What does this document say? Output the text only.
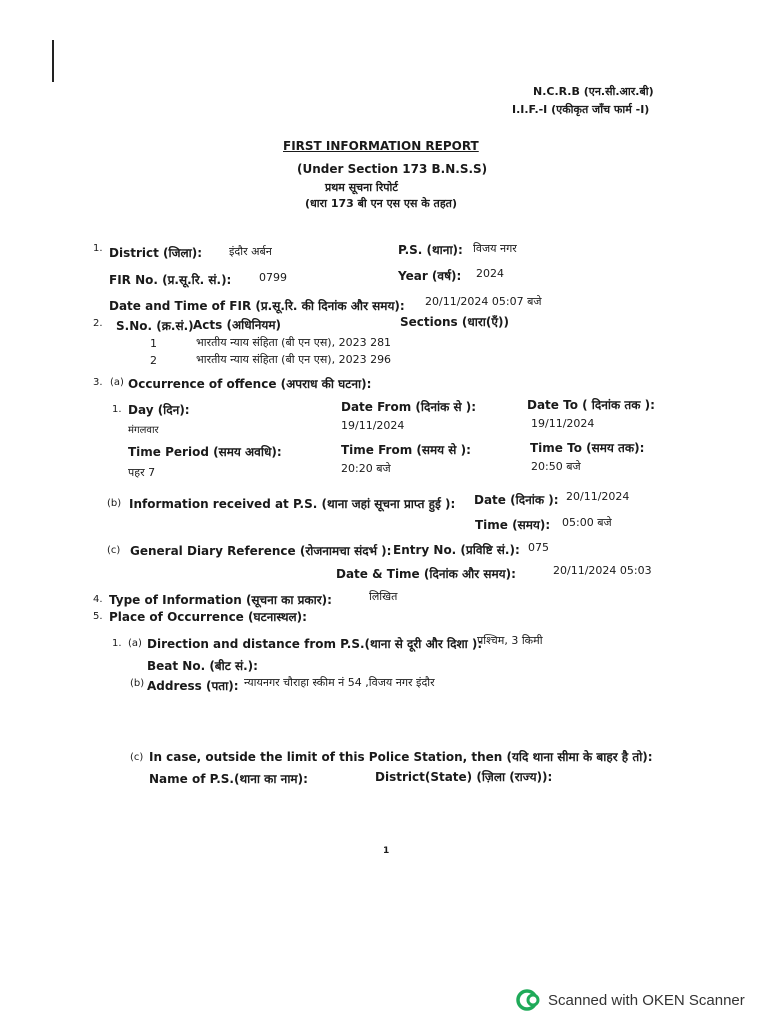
N.C.R.B (एन.सी.आर.बी)
I.I.F.-I (एकीकृत जाँच फार्म -I)
FIRST INFORMATION REPORT
(Under Section 173 B.N.S.S)
प्रथम सूचना रिपोर्ट
(धारा 173 बी एन एस एस के तहत)
1. District (जिला): इंदौर अर्बन	P.S. (थाना): विजय नगर
FIR No. (प्र.सू.रि. सं.):	0799	Year (वर्ष): 2024
Date and Time of FIR (प्र.सू.रि. की दिनांक और समय): 20/11/2024 05:07 बजे
2. S.No. (क्र.सं.) Acts (अधिनियम)	Sections (धारा(एँ))
1	भारतीय न्याय संहिता (बी एन एस), 2023 281
2	भारतीय न्याय संहिता (बी एन एस), 2023 296
3. (a) Occurrence of offence (अपराध की घटना):
1. Day (दिन):	Date From (दिनांक से ):	Date To ( दिनांक तक ):
मंगलवार	19/11/2024	19/11/2024
Time Period (समय अवधि):	Time From (समय से ):	Time To (समय तक):
पहर 7	20:20 बजे	20:50 बजे
(b) Information received at P.S. (थाना जहां सूचना प्राप्त हुई ): Date (दिनांक ): 20/11/2024
Time (समय): 05:00 बजे
(c) General Diary Reference (रोजनामचा संदर्भ ): Entry No. (प्रविष्टि सं.): 075
Date & Time (दिनांक और समय):	20/11/2024 05:03
4. Type of Information (सूचना का प्रकार):	लिखित
5. Place of Occurrence (घटनास्थल):
1. (a) Direction and distance from P.S.(थाना से दूरी और दिशा ):
पश्चिम, 3 किमी
Beat No. (बीट सं.):
(b) Address (पता): न्यायनगर चौराहा स्कीम नं 54 ,विजय नगर इंदौर
(c) In case, outside the limit of this Police Station, then (यदि थाना सीमा के बाहर है तो):
Name of P.S.(थाना का नाम):	District(State) (ज़िला (राज्य)):
1
Scanned with OKEN Scanner
